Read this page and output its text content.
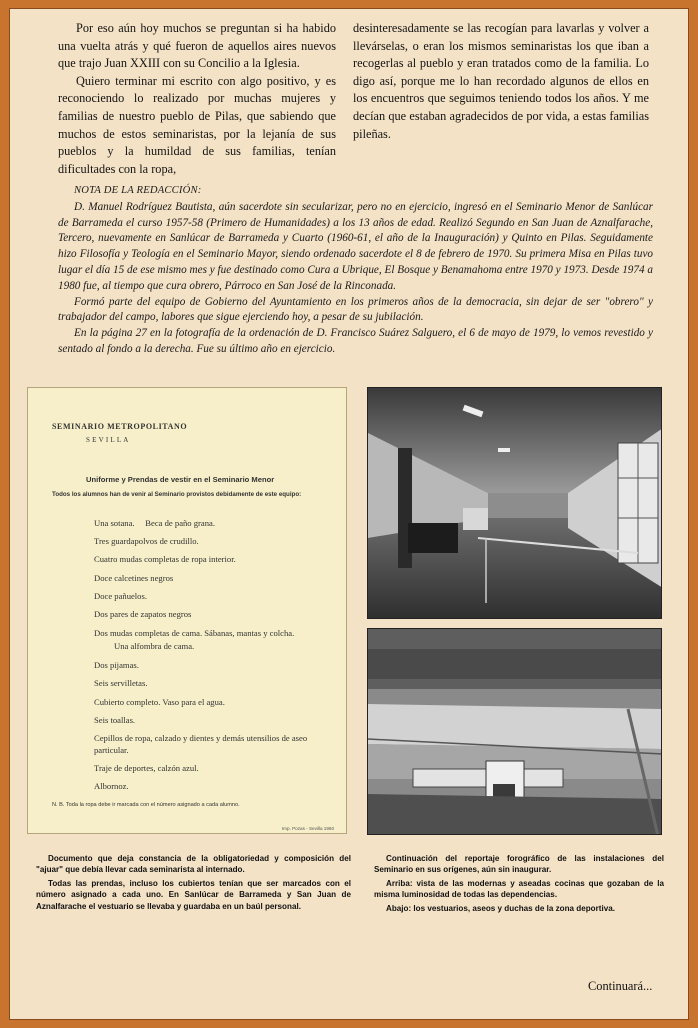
Por eso aún hoy muchos se preguntan si ha habido una vuelta atrás y qué fueron de aquellos aires nuevos que trajo Juan XXIII con su Concilio a la Iglesia.

Quiero terminar mi escrito con algo positivo, y es reconociendo lo realizado por muchas mujeres y familias de nuestro pueblo de Pilas, que sabiendo que muchos de estos seminaristas, por la lejanía de sus pueblos y la humildad de sus familias, tenían dificultades con la ropa,

desinteresadamente se las recogían para lavarlas y volver a llevárselas, o eran los mismos seminaristas los que iban a recogerlas al pueblo y eran tratados como de la familia. Lo digo así, porque me lo han recordado algunos de ellos en los encuentros que seguimos teniendo todos los años. Y me decían que estaban agradecidos de por vida, a estas familias pileñas.

NOTA DE LA REDACCIÓN:

D. Manuel Rodríguez Bautista, aún sacerdote sin secularizar, pero no en ejercicio, ingresó en el Seminario Menor de Sanlúcar de Barrameda el curso 1957-58 (Primero de Humanidades) a los 13 años de edad. Realizó Segundo en San Juan de Aznalfarache, Tercero, nuevamente en Sanlúcar de Barrameda y Cuarto (1960-61, el año de la Inauguración) y Quinto en Pilas. Seguidamente hizo Filosofía y Teología en el Seminario Mayor, siendo ordenado sacerdote el 8 de febrero de 1970. Su primera Misa en Pilas tuvo lugar el día 15 de ese mismo mes y fue destinado como Cura a Ubrique, El Bosque y Benamahoma entre 1970 y 1973. Desde 1974 a 1980 fue, al tiempo que cura obrero, Párroco en San José de la Rinconada.

Formó parte del equipo de Gobierno del Ayuntamiento en los primeros años de la democracia, sin dejar de ser "obrero" y trabajador del campo, labores que sigue ejerciendo hoy, a pesar de su jubilación.

En la página 27 en la fotografía de la ordenación de D. Francisco Suárez Salguero, el 6 de mayo de 1979, lo vemos revestido y sentado al fondo a la derecha. Fue su último año en ejercicio.

SEMINARIO METROPOLITANO
SEVILLA
Uniforme y Prendas de vestir en el Seminario Menor
Todos los alumnos han de venir al Seminario provistos debidamente de este equipo:
Una sotana.     Beca de paño grana.
Tres guardapolvos de crudillo.
Cuatro mudas completas de ropa interior.
Doce calcetines negros
Doce pañuelos.
Dos pares de zapatos negros
Dos mudas completas de cama. Sábanas, mantas y colcha.
Una alfombra de cama.
Dos pijamas.
Seis servilletas.
Cubierto completo. Vaso para el agua.
Seis toallas.
Cepillos de ropa, calzado y dientes y demás utensilios de aseo particular.
Traje de deportes, calzón azul.
Albornoz.
N. B. Toda la ropa debe ir marcada con el número asignado a cada alumno.
Imp. Pozas - Sevilla 1960

Documento que deja constancia de la obligatoriedad y composición del "ajuar" que debía llevar cada seminarista al internado.

Todas las prendas, incluso los cubiertos tenían que ser marcados con el número asignado a cada uno. En Sanlúcar de Barrameda y San Juan de Aznalfarache el vestuario se llevaba y guardaba en un baúl personal.

Continuación del reportaje forográfico de las instalaciones del Seminario en sus orígenes, aún sin inaugurar.

Arriba: vista de las modernas y aseadas cocinas que gozaban de la misma luminosidad de todas las dependencias.

Abajo: los vestuarios, aseos y duchas de la zona deportiva.

Continuará...
